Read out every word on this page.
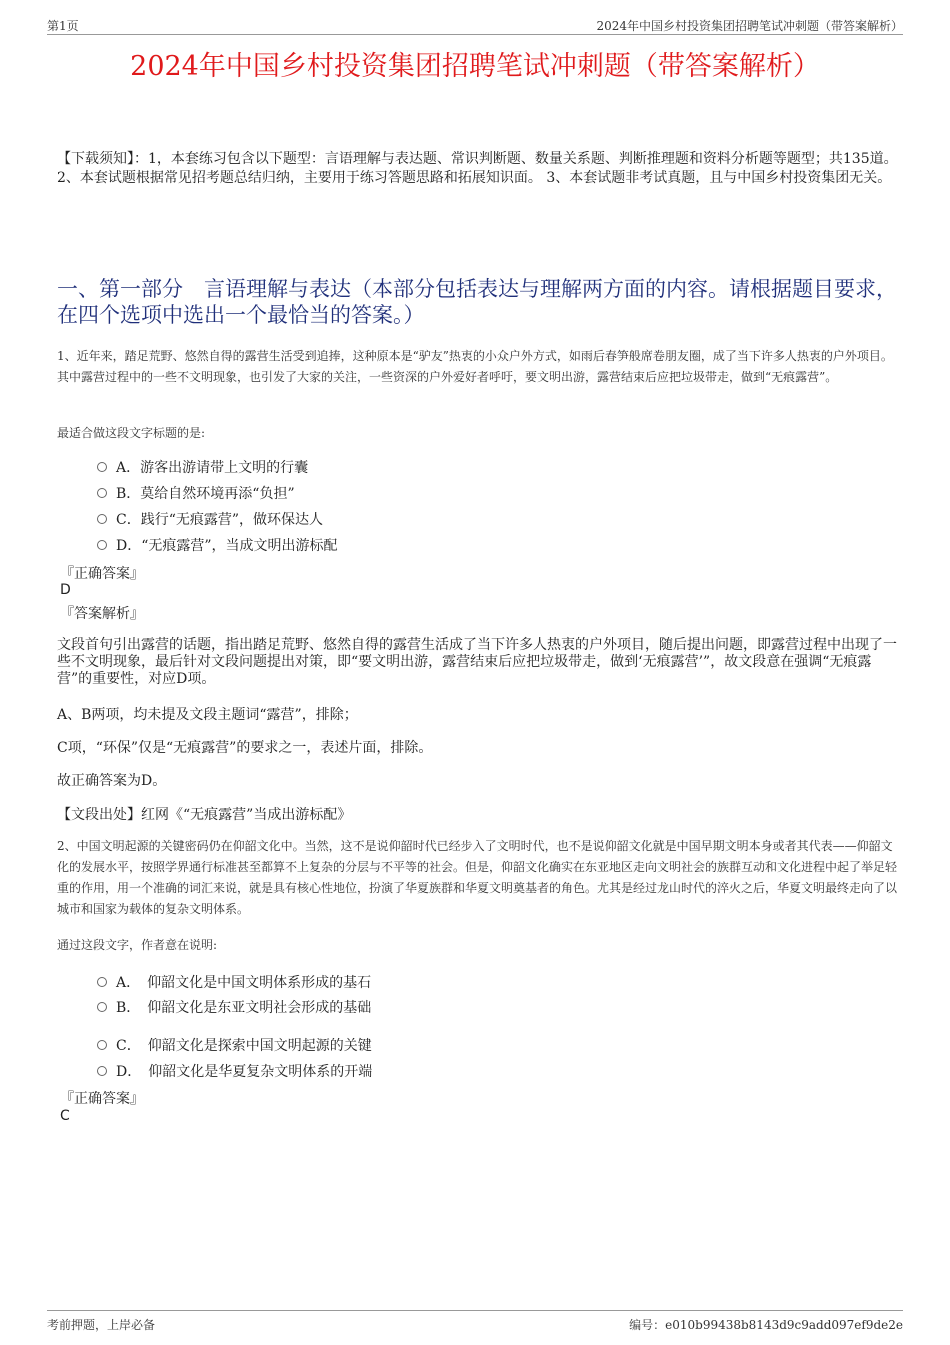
第1页	2024年中国乡村投资集团招聘笔试冲刺题（带答案解析）
2024年中国乡村投资集团招聘笔试冲刺题（带答案解析）
【下载须知】：1，本套练习包含以下题型：言语理解与表达题、常识判断题、数量关系题、判断推理题和资料分析题等题型；共135道。 2、本套试题根据常见招考题总结归纳，主要用于练习答题思路和拓展知识面。 3、本套试题非考试真题，且与中国乡村投资集团无关。
一、第一部分　言语理解与表达（本部分包括表达与理解两方面的内容。请根据题目要求，在四个选项中选出一个最恰当的答案。）
1、近年来，踏足荒野、悠然自得的露营生活受到追捧，这种原本是“驴友”热衷的小众户外方式，如雨后春笋般席卷朋友圈，成了当下许多人热衷的户外项目。其中露营过程中的一些不文明现象，也引发了大家的关注，一些资深的户外爱好者呼吁，要文明出游，露营结束后应把垃圾带走，做到“无痕露营”。
最适合做这段文字标题的是:
A．游客出游请带上文明的行囊
B．莫给自然环境再添“负担”
C．践行“无痕露营”，做环保达人
D．“无痕露营”，当成文明出游标配
『正确答案』
D
『答案解析』
文段首句引出露营的话题，指出踏足荒野、悠然自得的露营生活成了当下许多人热衷的户外项目，随后提出问题，即露营过程中出现了一些不文明现象，最后针对文段问题提出对策，即“要文明出游，露营结束后应把垃圾带走，做到‘无痕露营’”，故文段意在强调“无痕露营”的重要性，对应D项。
A、B两项，均未提及文段主题词“露营”，排除；
C项，“环保”仅是“无痕露营”的要求之一，表述片面，排除。
故正确答案为D。
【文段出处】红网《“无痕露营”当成出游标配》
2、中国文明起源的关键密码仍在仰韶文化中。当然，这不是说仰韶时代已经步入了文明时代，也不是说仰韶文化就是中国早期文明本身或者其代表——仰韶文化的发展水平，按照学界通行标准甚至都算不上复杂的分层与不平等的社会。但是，仰韶文化确实在东亚地区走向文明社会的族群互动和文化进程中起了举足轻重的作用，用一个准确的词汇来说，就是具有核心性地位，扮演了华夏族群和华夏文明奠基者的角色。尤其是经过龙山时代的淬火之后，华夏文明最终走向了以城市和国家为载体的复杂文明体系。
通过这段文字，作者意在说明:
A．　仰韶文化是中国文明体系形成的基石
B．　仰韶文化是东亚文明社会形成的基础
C．　仰韶文化是探索中国文明起源的关键
D．　仰韶文化是华夏复杂文明体系的开端
『正确答案』
C
考前押题，上岸必备	编号：e010b99438b8143d9c9add097ef9de2e
